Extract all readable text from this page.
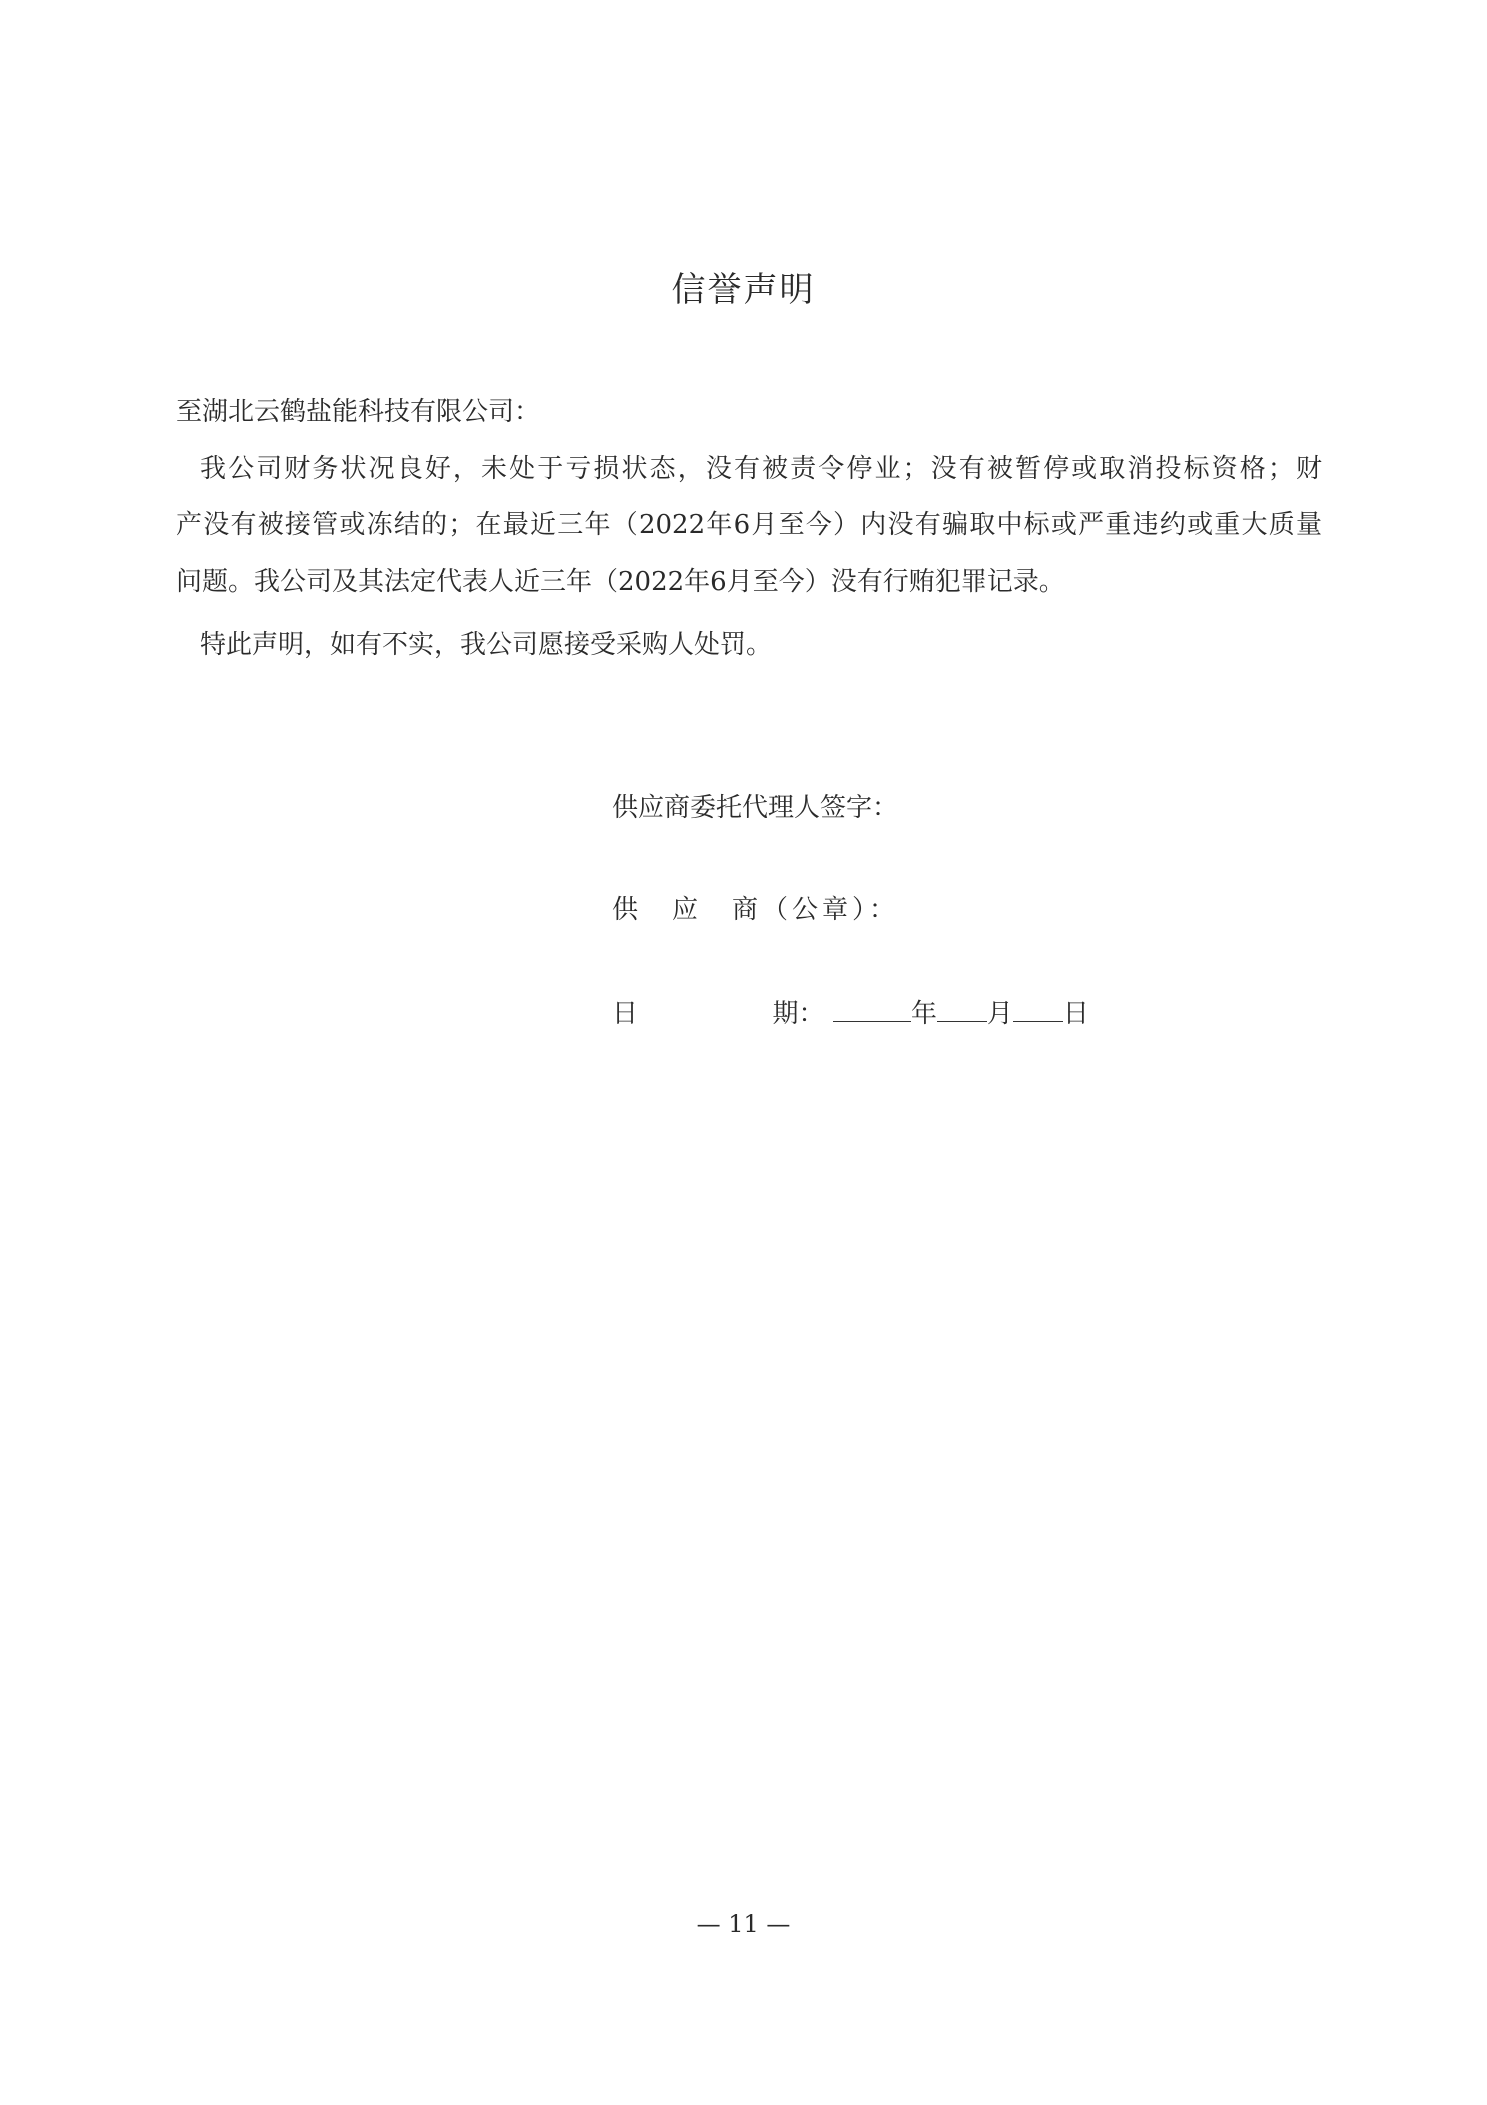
信誉声明
至湖北云鹤盐能科技有限公司：
我公司财务状况良好，未处于亏损状态，没有被责令停业；没有被暂停或取消投标资格；财
产没有被接管或冻结的；在最近三年（2022年6月至今）内没有骗取中标或严重违约或重大质量
问题。我公司及其法定代表人近三年（2022年6月至今）没有行贿犯罪记录。
特此声明，如有不实，我公司愿接受采购人处罚。
供应商委托代理人签字：
供　应　商（公章）：
日	期：	年 月 日
— 11 —
